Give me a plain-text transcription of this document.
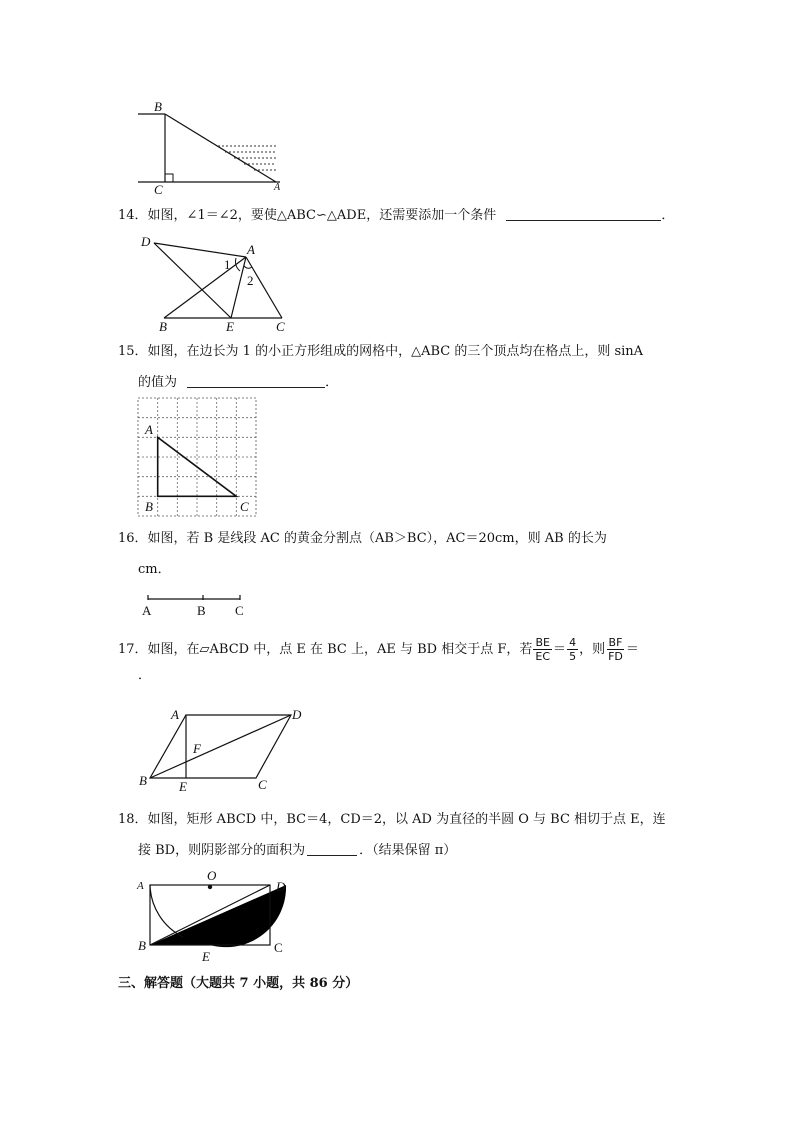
B
C	A
14．如图，∠1＝∠2，要使△ABC∽△ADE，还需要添加一个条件	．
D
A
1
2
B	E	C
15．如图，在边长为 1 的小正方形组成的网格中，△ABC 的三个顶点均在格点上，则 sinA
的值为	．
A
B	C
16．如图，若 B 是线段 AC 的黄金分割点（AB＞BC），AC＝20cm，则 AB 的长为
cm．
A	B C
17． 如图，在▱ABCD 中，点 E 在 BC 上，AE 与 BD 相交于点 F，若 $\frac{BE}{EC} = \frac{4}{5}$ ，则 $\frac{BF}{FD}$ ＝
．
A	D
F
B E	C
18．如图，矩形 ABCD 中，BC＝4，CD＝2，以 AD 为直径的半圆 O 与 BC 相切于点 E，连
接 BD，则阴影部分的面积为	．（结果保留 π）
A
O
D
B
E
C
三、解答题（大题共 7 小题，共 86 分）
